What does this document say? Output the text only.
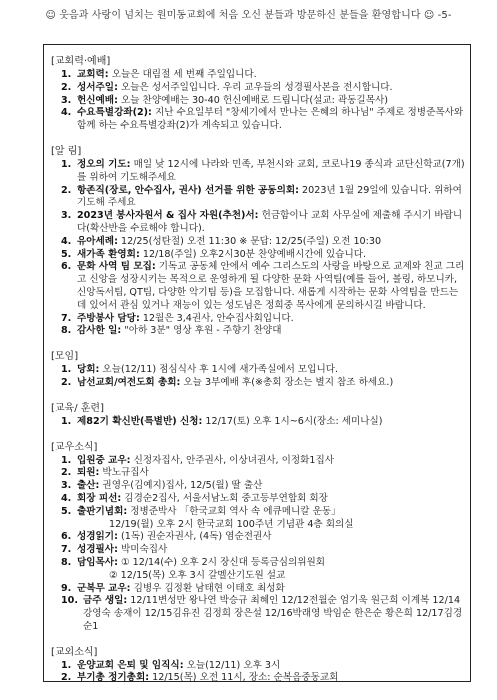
☺ 웃음과 사랑이 넘치는 원미동교회에 처음 오신 분들과 방문하신 분들을 환영합니다 ☺ -5-
[교회력·예배]
1. 교회력: 오늘은 대림절 세 번째 주일입니다.
2. 성서주일: 오늘은 성서주일입니다. 우리 교우들의 성경필사본을 전시합니다.
3. 헌신예배: 오늘 찬양예배는 30-40 헌신예배로 드립니다(설교: 곽동길목사)
4. 수요특별강좌(2): 지난 수요일부터 "창세기에서 만나는 은혜의 하나님" 주제로 정병준목사와 함께 하는 수요특별강좌(2)가 계속되고 있습니다.
[알 림]
1. 정오의 기도: 매일 낮 12시에 나라와 민족, 부천시와 교회, 코로나19 종식과 교단신학교(7개)를 위하여 기도해주세요
2. 항존직(장로, 안수집사, 권사) 선거를 위한 공동의회: 2023년 1월 29일에 있습니다. 위하여 기도해 주세요
3. 2023년 봉사자원서 & 집사 자원(추천)서: 헌금함이나 교회 사무실에 제출해 주시기 바랍니다(확산반을 수료해야 합니다).
4. 유아세례: 12/25(성탄절) 오전 11:30 ※ 문답: 12/25(주일) 오전 10:30
5. 새가족 환영회: 12/18(주일) 오후2시30분 찬양예배시간에 있습니다.
6. 문화 사역 팀 모집: 기독교 공동체 안에서 예수 그리스도의 사랑을 바탕으로 교제와 친교 그리고 신앙을 성장시키는 목적으로 운영하게 될 다양한 문화 사역팀(예를 들어, 볼링, 하모니카, 신앙독서팀, QT팀, 다양한 악기팀 등)을 모집합니다. 새롭게 시작하는 문화 사역팀을 만드는데 있어서 관심 있거나 재능이 있는 성도님은 정희중 목사에게 문의하시길 바랍니다.
7. 주방봉사 담당: 12월은 3,4권사, 안수집사회입니다.
8. 감사한 일: "아하 3분" 영상 후원 - 주향기 찬양대
[모임]
1. 당회: 오늘(12/11) 점심식사 후 1시에 새가족실에서 모입니다.
2. 남선교회/여전도회 총회: 오늘 3부예배 후(※총회 장소는 별지 참조 하세요.)
[교육/ 훈련]
1. 제82기 확신반(특별반) 신청: 12/17(토) 오후 1시~6시(장소: 세미나실)
[교우소식]
1. 입원중 교우: 신정자집사, 안주권사, 이상녀권사, 이정화1집사
2. 퇴원: 박노규집사
3. 출산: 권영우(김예지)집사, 12/5(월) 딸 출산
4. 회장 피선: 김경순2집사, 서울서남노회 중고등부연합회 회장
5. 출판기념회: 정병준박사 「한국교회 역사 속 에큐메니칼 운동」
12/19(월) 오후 2시 한국교회 100주년 기념관 4층 회의실
6. 성경읽기: (1독) 권순자권사, (4독) 염순전권사
7. 성경필사: 박미숙집사
8. 담임목사: ① 12/14(수) 오후 2시 장신대 등록금심의위원회
② 12/15(목) 오후 3시 갈멜산기도원 설교
9. 군복무 교우: 김병우 김정환 남태현 이태호 최성화
10. 금주 생일: 12/11변성만 왕나연 박승규 최혜인 12/12전월순 엄기욱 원근희 이계복 12/14강영숙 송재이 12/15김유진 김정희 장은설 12/16박래영 박임순 한은순 황은희 12/17김경순1
[교외소식]
1. 운양교회 은퇴 및 임직식: 오늘(12/11) 오후 3시
2. 부기총 정기총회: 12/15(목) 오전 11시, 장소: 순복음중동교회
